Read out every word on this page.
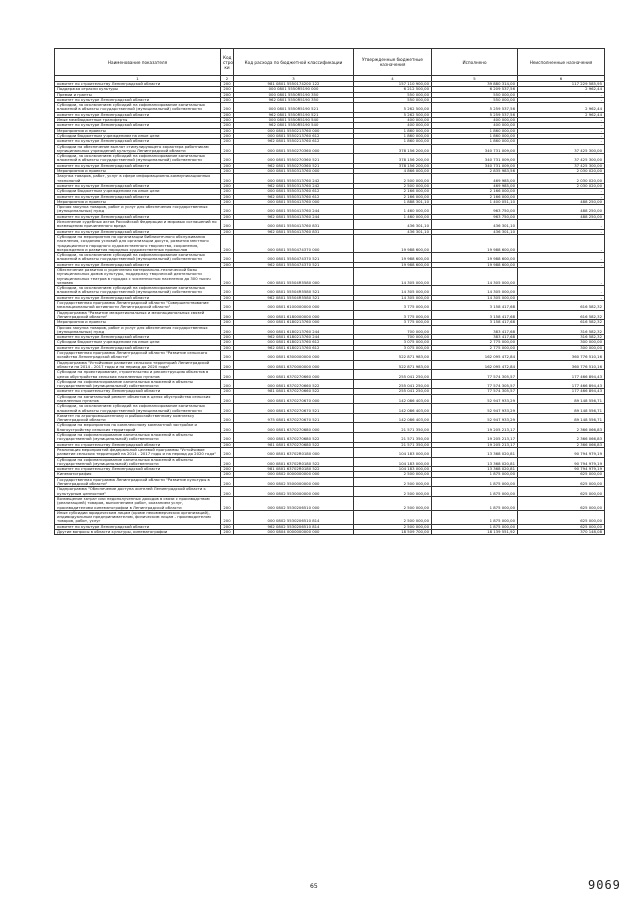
Наименование показателя	Код стро ки	Код расхода по бюджетной классификации	Утвержденные бюджетные назначения	Исполнено	Неисполненные назначения
1	2	3	4	5	6
комитет по строительству Ленинградской области	200	981 0801 5550174200 122	157 110 900,00	39 880 314,00	117 229 585,95
Поддержка отрасли культуры	200	000 0801 5550R5190 000	6 212 500,00	6 209 537,56	2 962,44
Премии и гранты	200	000 0801 5550R5190 350	550 000,00	550 000,00	-
комитет по культуре Ленинградской области	200	962 0801 5550R5190 350	550 000,00	550 000,00	-
Субсидии, за исключением субсидий на софинансирование капитальных вложений в объекты государственной (муниципальной) собственности	200	000 0801 5550R5190 521	5 262 500,00	5 259 537,56	2 962,44
комитет по культуре Ленинградской области	200	962 0801 5550R5190 521	5 262 500,00	5 259 537,56	2 962,44
Иные межбюджетные трансферты	200	000 0801 5550R5190 540	400 000,00	400 000,00	-
комитет по культуре Ленинградской области	200	962 0801 5550R5190 540	400 000,00	400 000,00	-
Мероприятия и проекты	200	000 0801 5550213760 000	1 860 000,00	1 860 000,00	-
Субсидии бюджетным учреждениям на иные цели	200	000 0801 5550213760 612	1 860 000,00	1 860 000,00	-
комитет по культуре Ленинградской области	200	962 0801 5550213760 612	1 860 000,00	1 860 000,00	-
Субсидии на обеспечение выплат стимулирующего характера работникам муниципальных учреждений культуры Ленинградской области	200	000 0801 5550270360 000	378 156 200,00	340 731 009,00	37 425 300,00
Субсидии, за исключением субсидий на софинансирование капитальных вложений в объекты государственной (муниципальной) собственности	200	000 0801 5550270360 521	378 156 200,00	340 731 009,00	37 425 300,00
комитет по культуре Ленинградской области	200	962 0801 5550270360 521	378 156 200,00	340 731 009,00	37 425 300,00
Мероприятия и проекты	200	000 0801 5550313760 000	4 866 000,00	2 835 983,56	2 030 020,00
Закупка товаров, работ, услуг в сфере информационно-коммуникационных технологий	200	000 0801 5550313760 242	2 500 000,00	469 985,00	2 030 020,00
комитет по культуре Ленинградской области	200	962 0801 5550313760 242	2 500 000,00	469 985,00	2 030 020,00
Субсидии бюджетным учреждениям на иные цели	200	000 0801 5550313760 612	2 166 000,00	2 166 000,00	-
комитет по культуре Ленинградской области	200	962 0801 5550313760 612	2 166 000,00	2 166 000,00	-
Мероприятия и проекты	200	000 0801 5550413760 000	1 888 301,10	1 400 051,10	488 250,00
Прочая закупка товаров, работ и услуг для обеспечения государственных (муниципальных) нужд	200	000 0801 5550413760 244	1 460 000,00	963 750,00	488 250,00
комитет по культуре Ленинградской области	200	962 0801 5550413760 244	1 460 000,00	963 750,00	488 250,00
Исполнение судебных актов Российской Федерации и мировых соглашений по возмещению причиненного вреда	200	000 0801 5550413760 831	436 301,10	436 301,10	-
комитет по культуре Ленинградской области	200	962 0801 5550413760 831	436 301,10	436 301,10	-
Субсидии на мероприятия по организации библиотечного обслуживания населения, созданию условий для организации досуга, развития местного традиционного народного художественного творчества, сохранения, возрождения и развития народных художественных промыслов	200	000 0801 5550474370 000	19 988 600,00	19 988 600,00	-
Субсидии, за исключением субсидий на софинансирование капитальных вложений в объекты государственной (муниципальной) собственности	200	000 0801 5550474370 521	19 988 600,00	19 988 600,00	-
комитет по культуре Ленинградской области	200	962 0801 5550474370 521	19 988 600,00	19 988 600,00	-
Обеспечение развития и укрепления материально-технической базы муниципальных домов культуры, поддержку творческой деятельности муниципальных театров в городах с численностью населения до 300 тысяч человек	200	000 0801 55504R5580 000	14 305 000,00	14 305 000,00	-
Субсидии, за исключением субсидий на софинансирование капитальных вложений в объекты государственной (муниципальной) собственности	200	000 0801 55504R5580 521	14 305 000,00	14 305 000,00	-
комитет по культуре Ленинградской области	200	962 0801 55504R5580 521	14 305 000,00	14 305 000,00	-
Государственная программа Ленинградской области "Совершенствование межнациональной активности Ленинградской области"	200	000 0801 6100000000 000	3 775 000,00	3 158 417,68	616 582,32
Подпрограмма "Развитие межрегиональных и межнациональных связей Ленинградской области"	200	000 0801 6180000000 000	3 775 000,00	3 158 417,68	616 582,32
Мероприятия и проекты	200	000 0801 6180213760 000	3 775 000,00	3 158 417,68	616 582,32
Прочая закупка товаров, работ и услуг для обеспечения государственных (муниципальных) нужд	200	000 0801 6180213760 244	700 000,00	383 417,68	316 582,32
комитет по культуре Ленинградской области	200	962 0801 6180213760 244	700 000,00	383 417,68	316 582,32
Субсидии бюджетным учреждениям на иные цели	200	000 0801 6180213760 612	3 075 000,00	2 775 000,00	300 000,00
комитет по культуре Ленинградской области	200	962 0801 6180213760 612	3 075 000,00	2 775 000,00	300 000,00
Государственная программа Ленинградской области "Развитие сельского хозяйства Ленинградской области"	200	000 0801 6300000000 000	522 871 983,00	162 095 472,84	360 776 510,16
Подпрограмма "Устойчивое развитие сельских территорий Ленинградской области на 2014 - 2017 годы и на период до 2020 года"	200	000 0801 6370000000 000	522 871 983,00	162 095 472,84	360 776 510,16
Субсидии на проектирование, строительство и реконструкцию объектов в целях обустройства сельских населенных пунктов	200	000 0801 6370270660 000	255 041 250,00	77 574 305,57	177 466 894,43
Субсидии на софинансирование капитальных вложений в объекты государственной (муниципальной) собственности	200	000 0801 6370270660 522	255 041 250,00	77 574 305,57	177 466 894,43
комитет по строительству Ленинградской области	200	981 0801 6370270660 522	255 041 250,00	77 574 305,57	177 466 894,43
Субсидии на капитальный ремонт объектов в целях обустройства сельских населенных пунктов	200	000 0801 6370270670 000	142 086 403,00	52 947 933,29	89 148 556,71
Субсидии, за исключением субсидий на софинансирование капитальных вложений в объекты государственной (муниципальной) собственности	200	000 0801 6370270670 521	142 086 403,00	52 947 933,29	89 148 556,71
Комитет по агропромышленному и рыбохозяйственному комплексу Ленинградской области	200	975 0801 6370270670 521	142 086 403,00	52 947 933,29	89 148 556,71
Субсидии на мероприятия по комплексному компактной застройке и благоустройству сельских территорий	200	000 0801 6370270680 000	21 571 350,00	19 205 213,17	2 366 066,83
Субсидии на софинансирование капитальных вложений в объекты государственной (муниципальной) собственности	200	000 0801 6370270680 522	21 571 350,00	19 205 213,17	2 366 066,83
комитет по строительству Ленинградской области	200	981 0801 6370270680 522	21 571 350,00	19 205 213,17	2 366 066,83
Реализация мероприятий федеральной целевой программы "Устойчивое развитие сельских территорий на 2014 - 2017 годы и на период до 2020 года"	200	000 0801 63702R0180 000	104 183 000,00	13 368 020,81	90 794 979,19
Субсидии на софинансирование капитальных вложений в объекты государственной (муниципальной) собственности	200	000 0801 63702R0180 522	104 183 000,00	13 368 020,81	90 794 979,19
комитет по строительству Ленинградской области	200	981 0801 63702R0180 522	104 183 000,00	13 368 020,81	90 794 979,19
Кинематография	200	000 0802 0000000000 000	2 500 000,00	1 875 000,00	625 000,00
Государственная программа Ленинградской области "Развитие культуры в Ленинградской области"	200	000 0802 5500000000 000	2 500 000,00	1 875 000,00	625 000,00
Подпрограмма "Обеспечение доступа жителей Ленинградской области к культурным ценностям"	200	000 0802 5530000000 000	2 500 000,00	1 875 000,00	625 000,00
Возмещение затрат или недополученных доходов в связи с производством (реализацией) товаров, выполнением работ, оказанием услуг, производителями кинематографии в Ленинградской области	200	000 0802 5530206510 000	2 500 000,00	1 875 000,00	625 000,00
Иные субсидии юридическим лицам (кроме некоммерческих организаций), индивидуальным предпринимателям, физическим лицам - производителям товаров, работ, услуг	200	000 0802 5530206510 814	2 500 000,00	1 875 000,00	625 000,00
комитет по культуре Ленинградской области	200	962 0802 5530206510 814	2 500 000,00	1 875 000,00	625 000,00
Другие вопросы в области культуры, кинематографии	200	000 0804 0000000000 000	18 509 700,00	18 139 551,92	370 148,08
65	9069
